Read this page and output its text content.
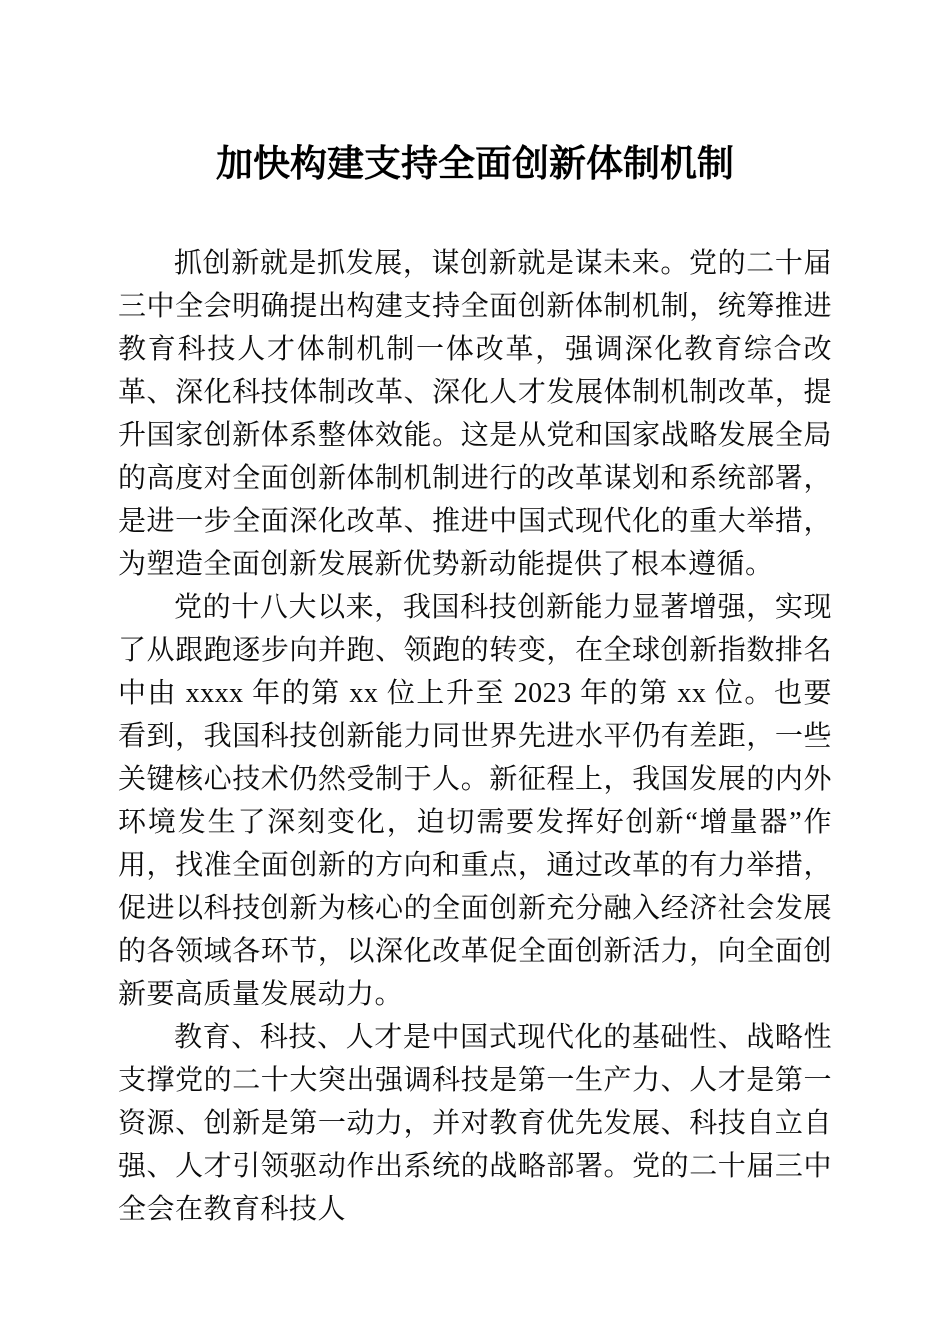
加快构建支持全面创新体制机制

抓创新就是抓发展，谋创新就是谋未来。党的二十届三中全会明确提出构建支持全面创新体制机制，统筹推进教育科技人才体制机制一体改革，强调深化教育综合改革、深化科技体制改革、深化人才发展体制机制改革，提升国家创新体系整体效能。这是从党和国家战略发展全局的高度对全面创新体制机制进行的改革谋划和系统部署，是进一步全面深化改革、推进中国式现代化的重大举措，为塑造全面创新发展新优势新动能提供了根本遵循。

党的十八大以来，我国科技创新能力显著增强，实现了从跟跑逐步向并跑、领跑的转变，在全球创新指数排名中由 xxxx 年的第 xx 位上升至 2023 年的第 xx 位。也要看到，我国科技创新能力同世界先进水平仍有差距，一些关键核心技术仍然受制于人。新征程上，我国发展的内外环境发生了深刻变化，迫切需要发挥好创新“增量器”作用，找准全面创新的方向和重点，通过改革的有力举措，促进以科技创新为核心的全面创新充分融入经济社会发展的各领域各环节，以深化改革促全面创新活力，向全面创新要高质量发展动力。

教育、科技、人才是中国式现代化的基础性、战略性支撑党的二十大突出强调科技是第一生产力、人才是第一资源、创新是第一动力，并对教育优先发展、科技自立自强、人才引领驱动作出系统的战略部署。党的二十届三中全会在教育科技人
